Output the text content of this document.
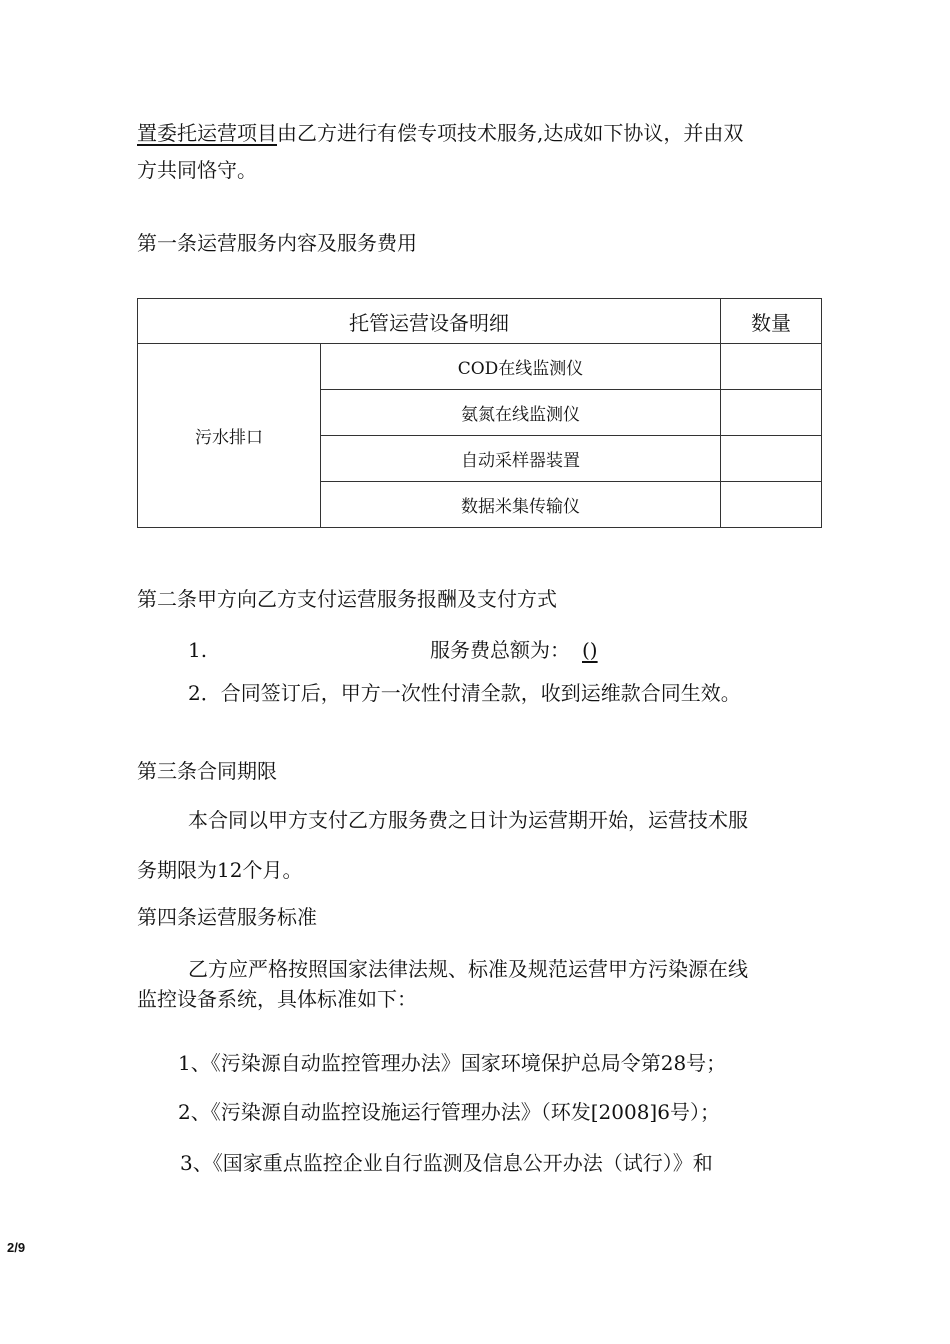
置委托运营项目由乙方进行有偿专项技术服务,达成如下协议，并由双
方共同恪守。
第一条运营服务内容及服务费用
托管运营设备明细		数量
污水排口	COD在线监测仪	
	氨氮在线监测仪	
	自动采样器装置	
	数据米集传输仪	
第二条甲方向乙方支付运营服务报酬及支付方式
1.	服务费总额为： ()
2．合同签订后，甲方一次性付清全款，收到运维款合同生效。
第三条合同期限
本合同以甲方支付乙方服务费之日计为运营期开始，运营技术服
务期限为12个月。
第四条运营服务标准
乙方应严格按照国家法律法规、标准及规范运营甲方污染源在线
监控设备系统，具体标准如下：
1、《污染源自动监控管理办法》国家环境保护总局令第28号；
2、《污染源自动监控设施运行管理办法》（环发[2008]6号）；
3、《国家重点监控企业自行监测及信息公开办法（试行）》和
2/9
